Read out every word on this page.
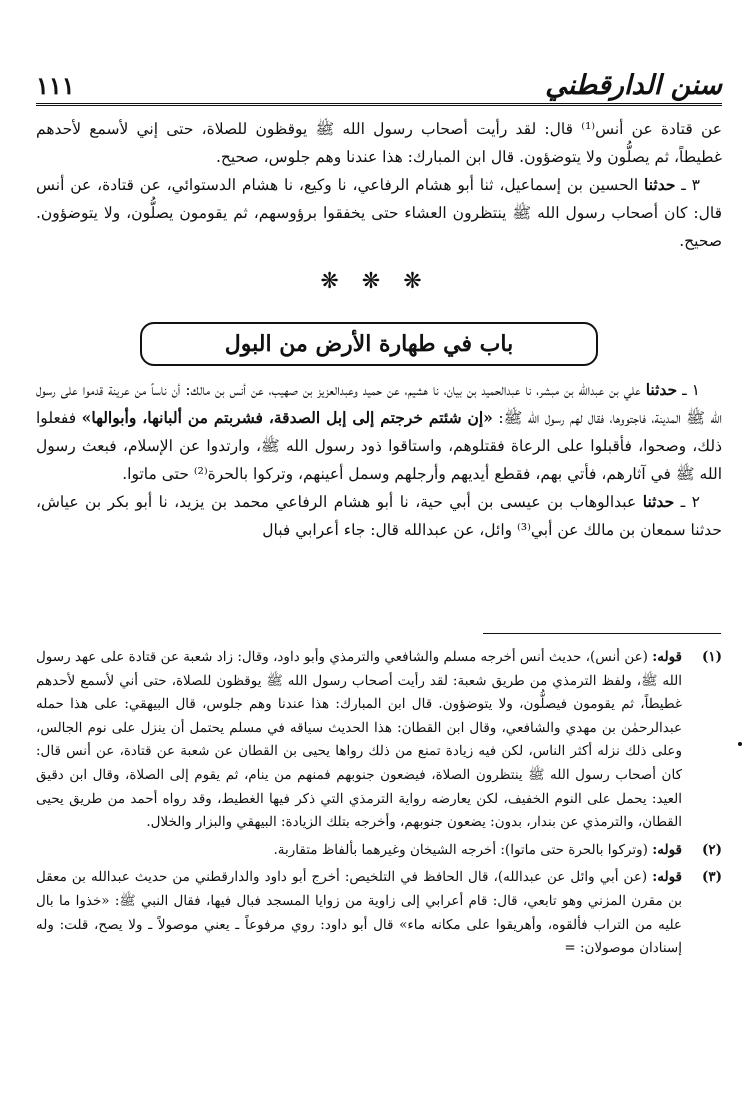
سنن الدارقطني
١١١

عن قتادة عن أنس⁽¹⁾ قال: لقد رأيت أصحاب رسول الله ﷺ يوقظون للصلاة، حتى إني لأسمع لأحدهم غطيطاً، ثم يصلُّون ولا يتوضؤون. قال ابن المبارك: هذا عندنا وهم جلوس، صحيح.

٣ ـ حدثنا الحسين بن إسماعيل، ثنا أبو هشام الرفاعي، نا وكيع، نا هشام الدستوائي، عن قتادة، عن أنس قال: كان أصحاب رسول الله ﷺ ينتظرون العشاء حتى يخفقوا برؤوسهم، ثم يقومون يصلُّون، ولا يتوضؤون. صحيح.

❋ ❋ ❋
باب في طهارة الأرض من البول

١ ـ حدثنا علي بن عبدالله بن مبشر، نا عبدالحميد بن بيان، نا هشيم، عن حميد وعبدالعزيز بن صهيب، عن أنس بن مالك: أن ناساً من عرينة قدموا على رسول الله ﷺ المدينة، فاجتووها، فقال لهم رسول الله ﷺ: «إن شئتم خرجتم إلى إبل الصدقة، فشربتم من ألبانها، وأبوالها» ففعلوا ذلك، وصحوا، فأقبلوا على الرعاة فقتلوهم، واستاقوا ذود رسول الله ﷺ، وارتدوا عن الإسلام، فبعث رسول الله ﷺ في آثارهم، فأتي بهم، فقطع أيديهم وأرجلهم وسمل أعينهم، وتركوا بالحرة⁽²⁾ حتى ماتوا.

٢ ـ حدثنا عبدالوهاب بن عيسى بن أبي حية، نا أبو هشام الرفاعي محمد بن يزيد، نا أبو بكر بن عياش، حدثنا سمعان بن مالك عن أبي⁽³⁾ وائل، عن عبدالله قال: جاء أعرابي فبال

(١)
قوله: (عن أنس)، حديث أنس أخرجه مسلم والشافعي والترمذي وأبو داود، وقال: زاد شعبة عن قتادة على عهد رسول الله ﷺ، ولفظ الترمذي من طريق شعبة: لقد رأيت أصحاب رسول الله ﷺ يوقظون للصلاة، حتى أني لأسمع لأحدهم غطيطاً، ثم يقومون فيصلُّون، ولا يتوضؤون. قال ابن المبارك: هذا عندنا وهم جلوس، قال البيهقي: على هذا حمله عبدالرحمٰن بن مهدي والشافعي، وقال ابن القطان: هذا الحديث سياقه في مسلم يحتمل أن ينزل على نوم الجالس، وعلى ذلك نزله أكثر الناس، لكن فيه زيادة تمنع من ذلك رواها يحيى بن القطان عن شعبة عن قتادة، عن أنس قال: كان أصحاب رسول الله ﷺ ينتظرون الصلاة، فيضعون جنوبهم فمنهم من ينام، ثم يقوم إلى الصلاة، وقال ابن دقيق العيد: يحمل على النوم الخفيف، لكن يعارضه رواية الترمذي التي ذكر فيها الغطيط، وقد رواه أحمد من طريق يحيى القطان، والترمذي عن بندار، بدون: يضعون جنوبهم، وأخرجه بتلك الزيادة: البيهقي والبزار والخلال.
(٢)
قوله: (وتركوا بالحرة حتى ماتوا): أخرجه الشيخان وغيرهما بألفاظ متقاربة.
(٣)
قوله: (عن أبي وائل عن عبدالله)، قال الحافظ في التلخيص: أخرج أبو داود والدارقطني من حديث عبدالله بن معقل بن مقرن المزني وهو تابعي، قال: قام أعرابي إلى زاوية من زوايا المسجد فبال فيها، فقال النبي ﷺ: «خذوا ما بال عليه من التراب فألقوه، وأهريقوا على مكانه ماء» قال أبو داود: روي مرفوعاً ـ يعني موصولاً ـ ولا يصح، قلت: وله إسنادان موصولان: =
